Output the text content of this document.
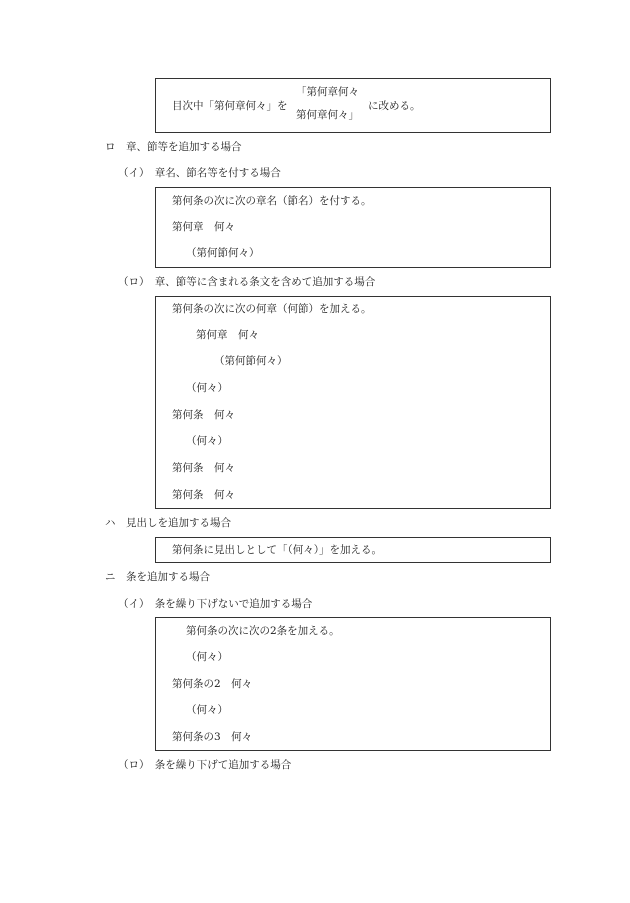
目次中「第何章何々」を
「第何章何々
第何章何々」
に改める。
ロ　章、節等を追加する場合
（イ）　章名、節名等を付する場合
第何条の次に次の章名（節名）を付する。
第何章　何々
（第何節何々）
（ロ）　章、節等に含まれる条文を含めて追加する場合
第何条の次に次の何章（何節）を加える。
第何章　何々
（第何節何々）
（何々）
第何条　何々
（何々）
第何条　何々
第何条　何々
ハ　見出しを追加する場合
第何条に見出しとして「（何々）」を加える。
ニ　条を追加する場合
（イ）　条を繰り下げないで追加する場合
第何条の次に次の2条を加える。
（何々）
第何条の2　何々
（何々）
第何条の3　何々
（ロ）　条を繰り下げて追加する場合
